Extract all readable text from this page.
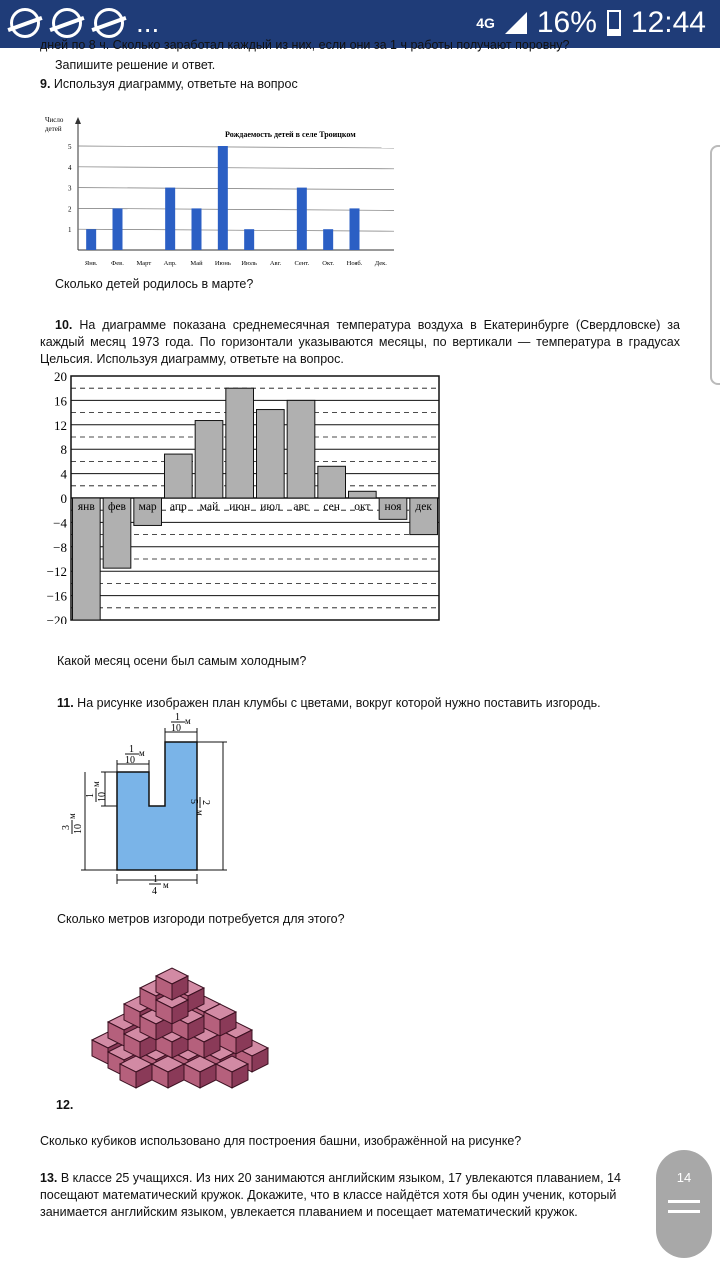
...	4G 16% 12:44
дней по 8 ч. Сколько заработал каждый из них, если они за 1 ч работы получают поровну?
Запишите решение и ответ.
9. Используя диаграмму, ответьте на вопрос
1
2
3
4
5
Число
детей
Рождаемость детей в селе Троицком
Янв. Фев. Март Апр. Май Июнь Июль Авг. Сент. Окт. Нояб. Дек.
Сколько детей родилось в марте?
10. На диаграмме показана среднемесячная температура воздуха в Екатеринбурге (Свердловске) за каждый месяц 1973 года. По горизонтали указываются месяцы, по вертикали — температура в градусах Цельсия. Используя диаграмму, ответьте на вопрос.
20
16
12
8
4
0
−4
−8
−12
−16
−20
янв фев мар апр май июн июл авг сен окт ноя дек
Какой месяц осени был самым холодным?
11. На рисунке изображен план клумбы с цветами, вокруг которой нужно поставить изгородь.
1
10
м
1
10
м
1 10
м
3 10
м
2
5
м
1
4
м
Сколько метров изгороди потребуется для этого?
12.
Сколько кубиков использовано для построения башни, изображённой на рисунке?
13. В классе 25 учащихся. Из них 20 занимаются английским языком, 17 увлекаются плаванием, 14 посещают математический кружок. Докажите, что в классе найдётся хотя бы один ученик, который занимается английским языком, увлекается плаванием и посещает математический кружок.
14
